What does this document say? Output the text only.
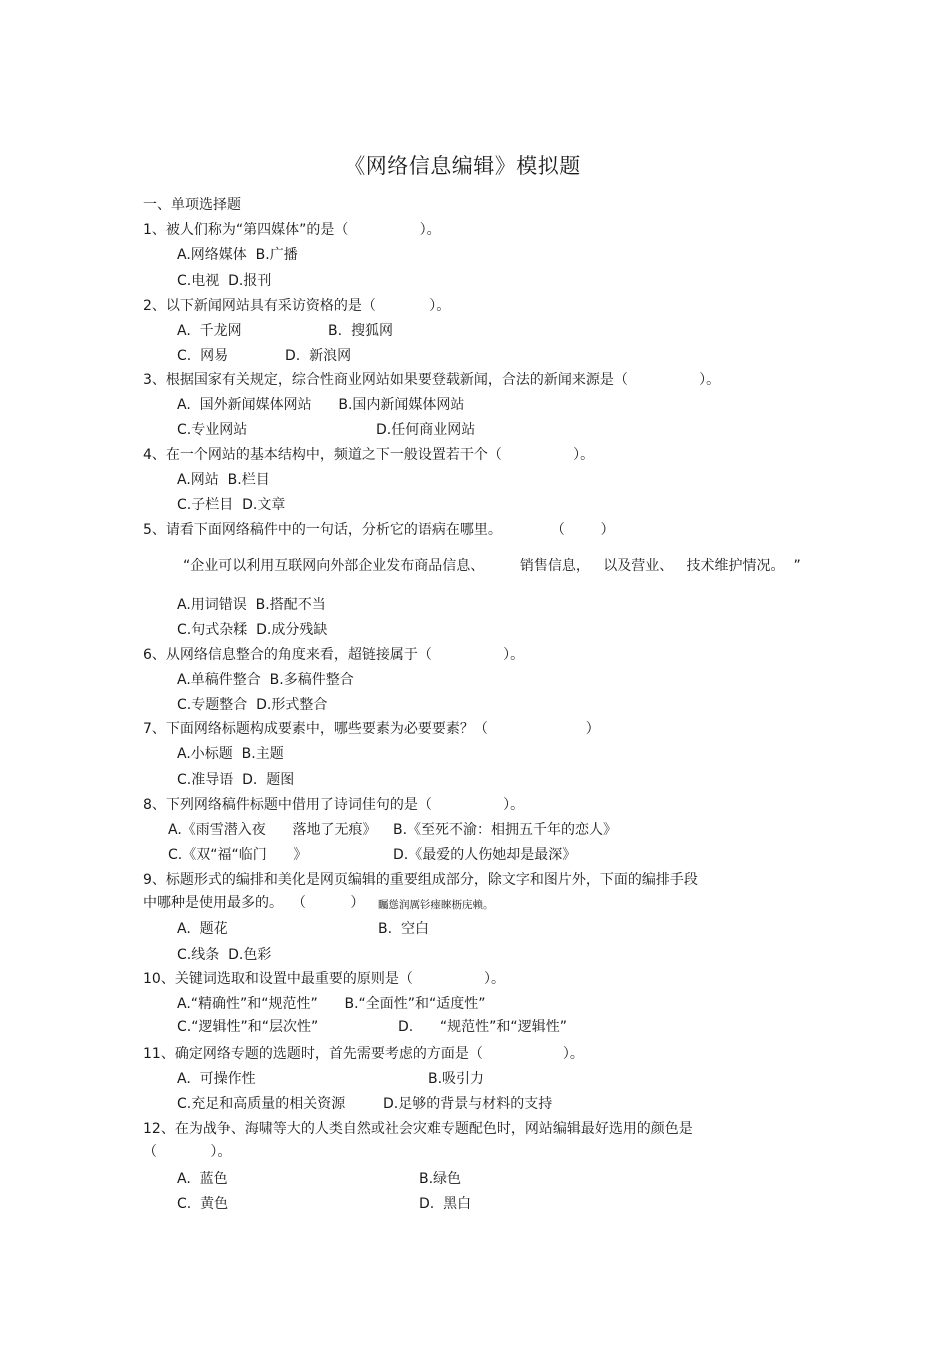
《网络信息编辑》模拟题
一、单项选择题
1、被人们称为“第四媒体”的是（                ）。
A.网络媒体  B.广播
C.电视  D.报刊
2、以下新闻网站具有采访资格的是（            ）。
A.  千龙网	B.  搜狐网
C.  网易	D.  新浪网
3、根据国家有关规定，综合性商业网站如果要登载新闻，合法的新闻来源是（                ）。
A.  国外新闻媒体网站      B.国内新闻媒体网站
C.专业网站	D.任何商业网站
4、在一个网站的基本结构中，频道之下一般设置若干个（                ）。
A.网站  B.栏目
C.子栏目  D.文章
5、请看下面网络稿件中的一句话，分析它的语病在哪里。           （        ）
“企业可以利用互联网向外部企业发布商品信息、        销售信息，   以及营业、   技术维护情况。  ”
A.用词错误  B.搭配不当
C.句式杂糅  D.成分残缺
6、从网络信息整合的角度来看，超链接属于（                ）。
A.单稿件整合  B.多稿件整合
C.专题整合  D.形式整合
7、下面网络标题构成要素中，哪些要素为必要要素？（                      ）
A.小标题  B.主题
C.准导语  D.  题图
8、下列网络稿件标题中借用了诗词佳句的是（                ）。
A.《雨雪潜入夜      落地了无痕》 B.《至死不渝：相拥五千年的恋人》
C.《双“福“临门      》	D.《最爱的人伤她却是最深》
9、标题形式的编排和美化是网页编辑的重要组成部分，除文字和图片外，下面的编排手段
中哪种是使用最多的。  （          ） 矚慫润厲钐瘗睞枥庑赖。
A.  题花	B.  空白
C.线条  D.色彩
10、关键词选取和设置中最重要的原则是（                ）。
A.“精确性”和“规范性”      B.“全面性”和“适度性”
C.“逻辑性”和“层次性”	D.      “规范性”和“逻辑性”
11、确定网络专题的选题时，首先需要考虑的方面是（                  ）。
A.  可操作性	B.吸引力
C.充足和高质量的相关资源	D.足够的背景与材料的支持
12、在为战争、海啸等大的人类自然或社会灾难专题配色时，网站编辑最好选用的颜色是
（            ）。
A.  蓝色	B.绿色
C.  黄色	D.  黑白
